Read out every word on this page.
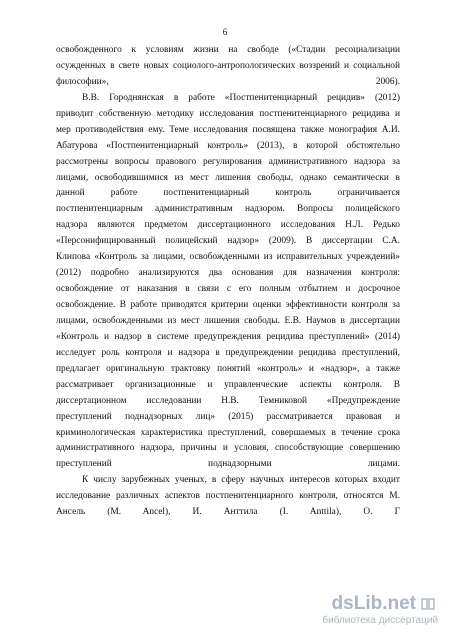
6
освобожденного к условиям жизни на свободе («Стадии ресоциализации
осужденных в свете новых социолого-антропологических воззрений и социальной
философии», 2006).
В.В. Городнянская в работе «Постпенитенциарный рецидив» (2012)
приводит собственную методику исследования постпенитенциарного рецидива и
мер противодействия ему. Теме исследования посвящена также монография А.И.
Абатурова «Постпенитенциарный контроль» (2013), в которой обстоятельно
рассмотрены вопросы правового регулирования административного надзора за
лицами, освободившимися из мест лишения свободы, однако семантически в
данной работе постпенитенциарный контроль ограничивается
постпенитенциарным административным надзором. Вопросы полицейского
надзора являются предметом диссертационного исследования Н.Л. Редько
«Персонифицированный полицейский надзор» (2009). В диссертации С.А.
Клипова «Контроль за лицами, освобожденными из исправительных учреждений»
(2012) подробно анализируются два основания для назначения контроля:
освобождение от наказания в связи с его полным отбытием и досрочное
освобождение. В работе приводятся критерии оценки эффективности контроля за
лицами, освобожденными из мест лишения свободы. Е.В. Наумов в диссертации
«Контроль и надзор в системе предупреждения рецидива преступлений» (2014)
исследует роль контроля и надзора в предупреждении рецидива преступлений,
предлагает оригинальную трактовку понятий «контроль» и «надзор», а также
рассматривает организационные и управленческие аспекты контроля. В
диссертационном исследовании Н.В. Темниковой «Предупреждение
преступлений поднадзорных лиц» (2015) рассматривается правовая и
криминологическая характеристика преступлений, совершаемых в течение срока
административного надзора, причины и условия, способствующие совершению
преступлений поднадзорными лицами.
К числу зарубежных ученых, в сферу научных интересов которых входит
исследование различных аспектов постпенитенциарного контроля, относятся М.
Ансель (M. Ancel), И. Анттила (I. Anttila), О. Г
dsLib.net
библиотека диссертаций
